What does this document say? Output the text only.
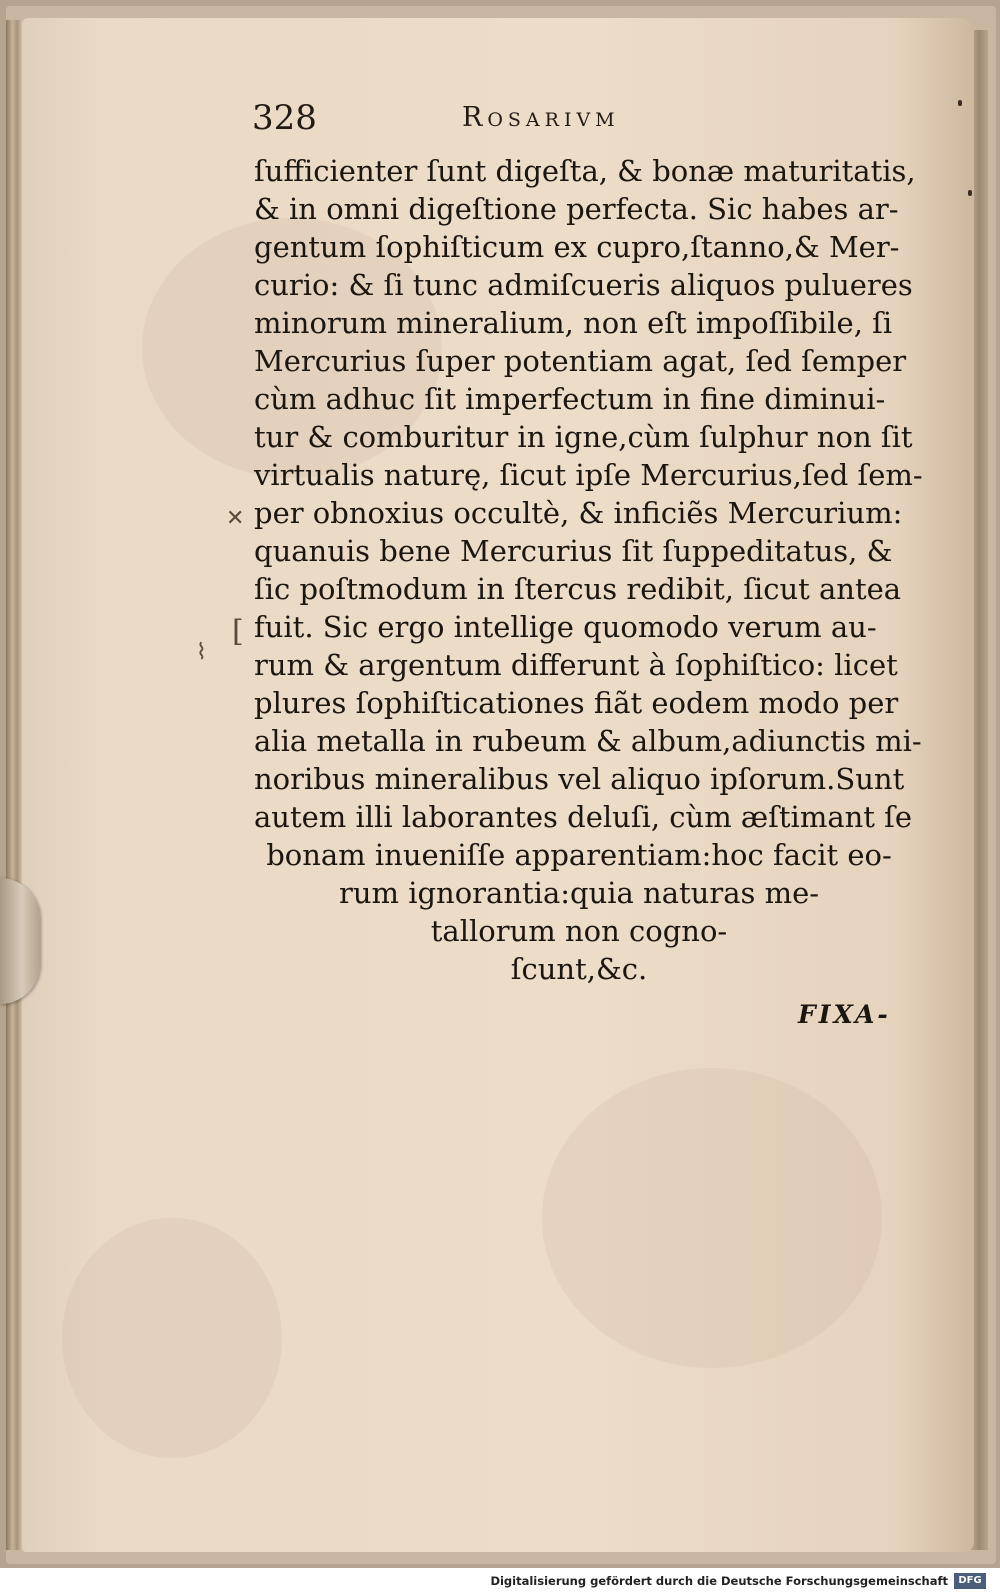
328	Rosarivm
ſufficienter ſunt digeſta, & bonæ maturitatis,
& in omni digeſtione perfecta. Sic habes ar-
gentum ſophiſticum ex cupro,ſtanno,& Mer-
curio: & ſi tunc admiſcueris aliquos pulueres
minorum mineralium, non eſt impoſſibile, ſi
Mercurius ſuper potentiam agat, ſed ſemper
cùm adhuc ſit imperfectum in fine diminui-
tur & comburitur in igne,cùm ſulphur non ſit
virtualis naturę, ſicut ipſe Mercurius,ſed ſem-
per obnoxius occultè, & inficiẽs Mercurium:
quanuis bene Mercurius ſit ſuppeditatus, &
ſic poſtmodum in ſtercus redibit, ſicut antea
fuit. Sic ergo intellige quomodo verum au-
rum & argentum differunt à ſophiſtico: licet
plures ſophiſticationes fiãt eodem modo per
alia metalla in rubeum & album,adiunctis mi-
noribus mineralibus vel aliquo ipſorum.Sunt
autem illi laborantes deluſi, cùm æſtimant ſe
bonam inueniſſe apparentiam:hoc facit eo-
rum ignorantia:quia naturas me-
tallorum non cogno-
ſcunt,&c.
FIXA-
✕
⌇
[
Digitalisierung gefördert durch die Deutsche Forschungsgemeinschaft	DFG
